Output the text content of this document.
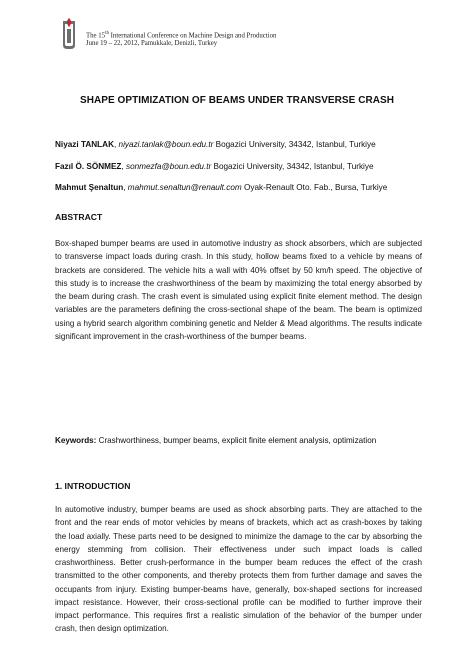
The 15th International Conference on Machine Design and Production
June 19 – 22, 2012, Pamukkale, Denizli, Turkey
SHAPE OPTIMIZATION OF BEAMS UNDER TRANSVERSE CRASH
Niyazi TANLAK, niyazi.tanlak@boun.edu.tr Bogazici University, 34342, Istanbul, Turkiye
Fazıl Ö. SÖNMEZ, sonmezfa@boun.edu.tr Bogazici University, 34342, Istanbul, Turkiye
Mahmut Şenaltun, mahmut.senaltun@renault.com Oyak-Renault Oto. Fab., Bursa, Turkiye
ABSTRACT
Box-shaped bumper beams are used in automotive industry as shock absorbers, which are subjected to transverse impact loads during crash. In this study, hollow beams fixed to a vehicle by means of brackets are considered. The vehicle hits a wall with 40% offset by 50 km/h speed. The objective of this study is to increase the crashworthiness of the beam by maximizing the total energy absorbed by the beam during crash. The crash event is simulated using explicit finite element method. The design variables are the parameters defining the cross-sectional shape of the beam. The beam is optimized using a hybrid search algorithm combining genetic and Nelder & Mead algorithms. The results indicate significant improvement in the crash-worthiness of the bumper beams.
Keywords: Crashworthiness, bumper beams, explicit finite element analysis, optimization
1. INTRODUCTION
In automotive industry, bumper beams are used as shock absorbing parts. They are attached to the front and the rear ends of motor vehicles by means of brackets, which act as crash-boxes by taking the load axially. These parts need to be designed to minimize the damage to the car by absorbing the energy stemming from collision. Their effectiveness under such impact loads is called crashworthiness. Better crush-performance in the bumper beam reduces the effect of the crash transmitted to the other components, and thereby protects them from further damage and saves the occupants from injury. Existing bumper-beams have, generally, box-shaped sections for increased impact resistance. However, their cross-sectional profile can be modified to further improve their impact performance. This requires first a realistic simulation of the behavior of the bumper under crash, then design optimization.
